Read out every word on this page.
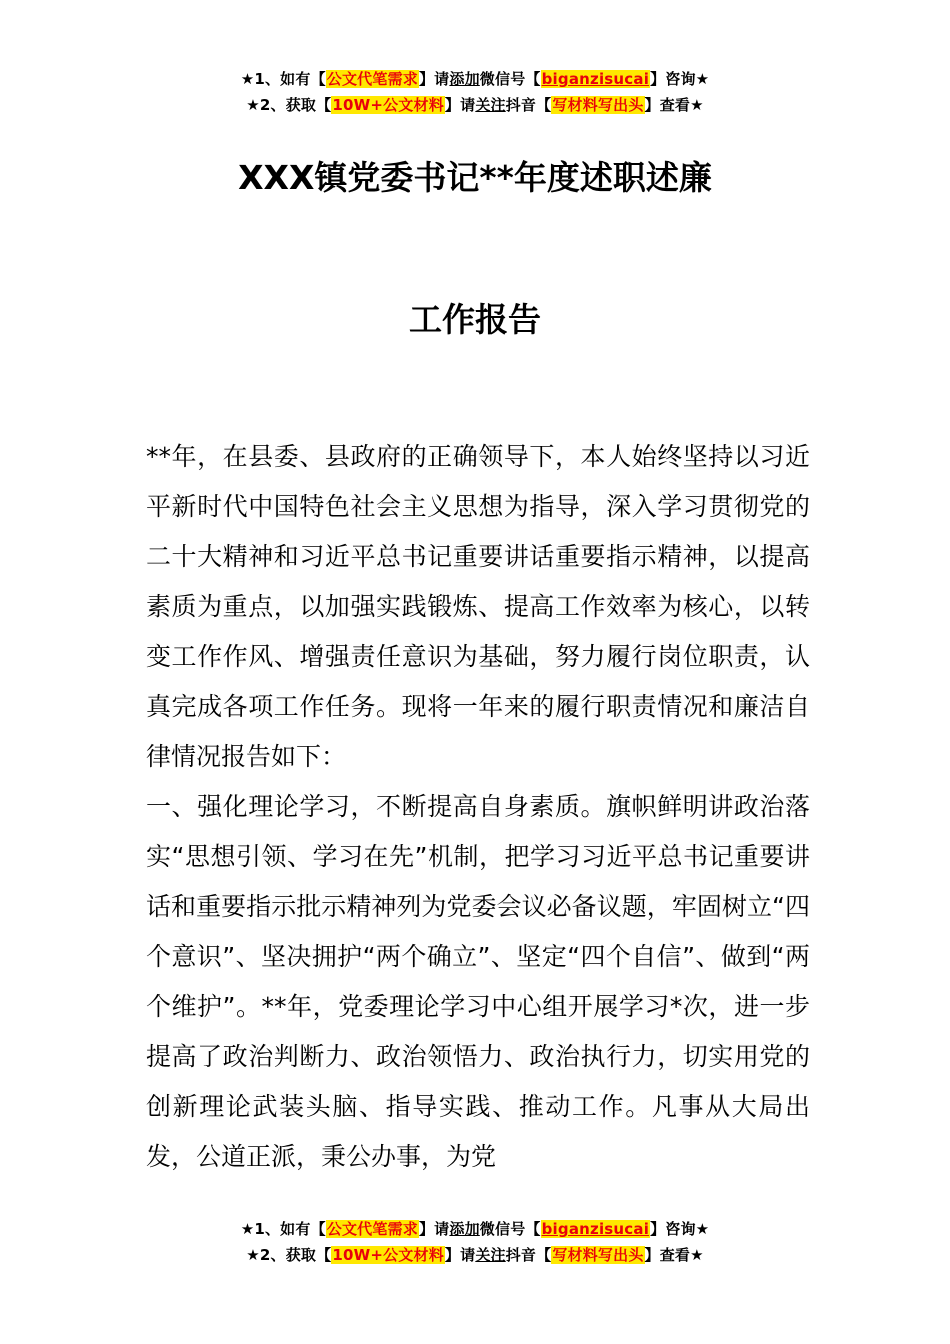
★1、如有【公文代笔需求】请添加微信号【biganzisucai】咨询★
★2、获取【10W+公文材料】请关注抖音【写材料写出头】查看★
XXX镇党委书记**年度述职述廉
工作报告

**年，在县委、县政府的正确领导下，本人始终坚持以习近平新时代中国特色社会主义思想为指导，深入学习贯彻党的二十大精神和习近平总书记重要讲话重要指示精神，以提高素质为重点，以加强实践锻炼、提高工作效率为核心，以转变工作作风、增强责任意识为基础，努力履行岗位职责，认真完成各项工作任务。现将一年来的履行职责情况和廉洁自律情况报告如下：

一、强化理论学习，不断提高自身素质。旗帜鲜明讲政治落实“思想引领、学习在先”机制，把学习习近平总书记重要讲话和重要指示批示精神列为党委会议必备议题，牢固树立“四个意识”、坚决拥护“两个确立”、坚定“四个自信”、做到“两个维护”。**年，党委理论学习中心组开展学习*次，进一步提高了政治判断力、政治领悟力、政治执行力，切实用党的创新理论武装头脑、指导实践、推动工作。凡事从大局出发，公道正派，秉公办事，为党

★1、如有【公文代笔需求】请添加微信号【biganzisucai】咨询★
★2、获取【10W+公文材料】请关注抖音【写材料写出头】查看★
